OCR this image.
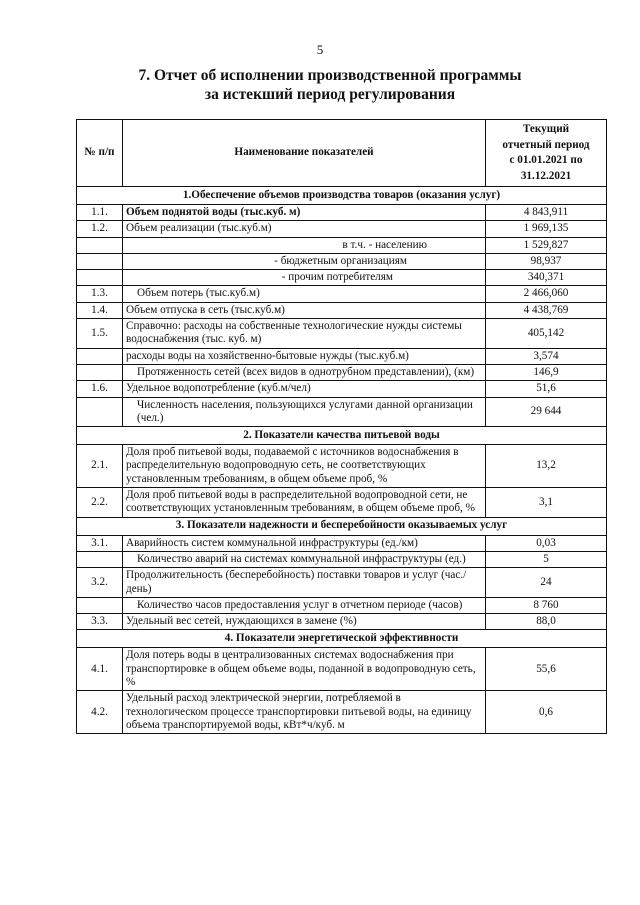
5
7. Отчет об исполнении производственной программы
за истекший период регулирования
№ п/п	Наименование показателей	Текущий
отчетный период
с 01.01.2021 по
31.12.2021

1.Обеспечение объемов производства товаров (оказания услуг)		
1.1.	Объем поднятой воды (тыс.куб. м)	4 843,911
1.2.	Объем реализации (тыс.куб.м)	1 969,135
	в т.ч. - населению	1 529,827
	- бюджетным организациям	98,937
	- прочим потребителям	340,371
1.3.	Объем потерь (тыс.куб.м)	2 466,060
1.4.	Объем отпуска в сеть (тыс.куб.м)	4 438,769
1.5.	Справочно: расходы на собственные технологические нужды системы водоснабжения (тыс. куб. м)	405,142
	расходы воды на хозяйственно-бытовые нужды (тыс.куб.м)	3,574
	Протяженность сетей (всех видов в однотрубном представлении), (км)	146,9
1.6.	Удельное водопотребление (куб.м/чел)	51,6
	Численность населения, пользующихся услугами данной организации (чел.)	29 644
2. Показатели качества питьевой воды		
2.1.	Доля проб питьевой воды, подаваемой с источников водоснабжения в распределительную водопроводную сеть, не соответствующих установленным требованиям, в общем объеме проб, %	13,2
2.2.	Доля проб питьевой воды в распределительной водопроводной сети, не соответствующих установленным требованиям, в общем объеме проб, %	3,1
3. Показатели надежности и бесперебойности оказываемых услуг		
3.1.	Аварийность систем коммунальной инфраструктуры (ед./км)	0,03
	Количество аварий на системах коммунальной инфраструктуры (ед.)	5
3.2.	Продолжительность (бесперебойность) поставки товаров и услуг (час./день)	24
	Количество часов предоставления услуг в отчетном периоде (часов)	8 760
3.3.	Удельный вес сетей, нуждающихся в замене (%)	88,0
4. Показатели энергетической эффективности		
4.1.	Доля потерь воды в централизованных системах водоснабжения при транспортировке в общем объеме воды, поданной в водопроводную сеть, %	55,6
4.2.	Удельный расход электрической энергии, потребляемой в технологическом процессе транспортировки питьевой воды, на единицу объема транспортируемой воды, кВт*ч/куб. м	0,6
